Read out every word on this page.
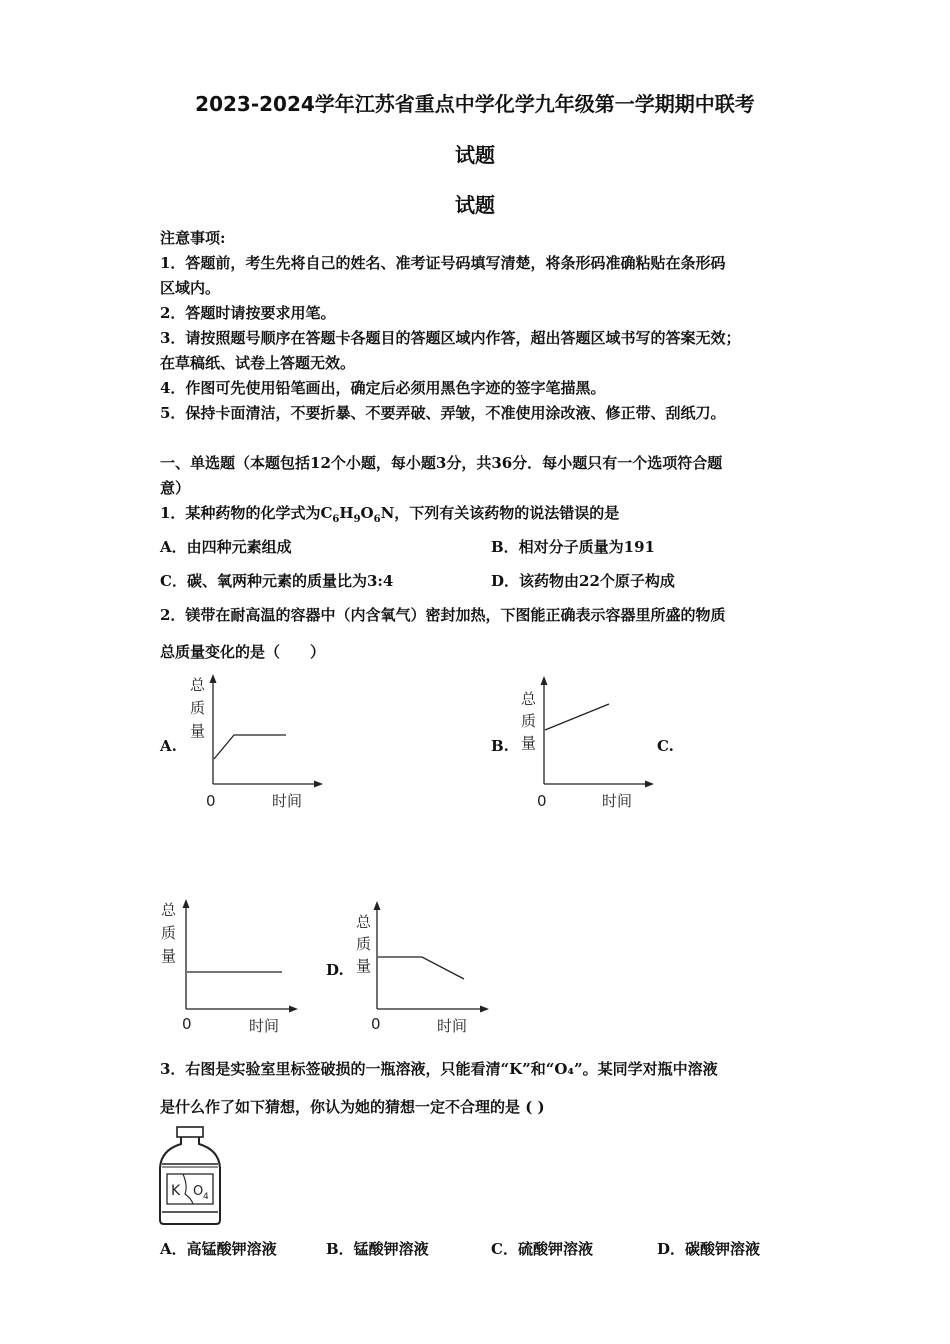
2023-2024学年江苏省重点中学化学九年级第一学期期中联考
试题
试题
注意事项:
1．答题前，考生先将自己的姓名、准考证号码填写清楚，将条形码准确粘贴在条形码
区域内。
2．答题时请按要求用笔。
3．请按照题号顺序在答题卡各题目的答题区域内作答，超出答题区域书写的答案无效；
在草稿纸、试卷上答题无效。
4．作图可先使用铅笔画出，确定后必须用黑色字迹的签字笔描黑。
5．保持卡面清洁，不要折暴、不要弄破、弄皱，不准使用涂改液、修正带、刮纸刀。
一、单选题（本题包括12个小题，每小题3分，共36分．每小题只有一个选项符合题
意）
1．某种药物的化学式为$C_6H_9O_6N$，下列有关该药物的说法错误的是
A．由四种元素组成	B．相对分子质量为191
C．碳、氧两种元素的质量比为3:4	D．该药物由22个原子构成
2．镁带在耐高温的容器中（内含氧气）密封加热，下图能正确表示容器里所盛的物质
总质量变化的是（　　）
A.	B.	C.
D.
总
质
量
0	时间
总
质
量
0	时间
总
质
量
0	时间
总
质
量
0	时间
3．右图是实验室里标签破损的一瓶溶液，只能看清“K”和“O₄”。某同学对瓶中溶液
是什么作了如下猜想，你认为她的猜想一定不合理的是 ( )
K O 4
A．高锰酸钾溶液	B．锰酸钾溶液	C．硫酸钾溶液	D．碳酸钾溶液
